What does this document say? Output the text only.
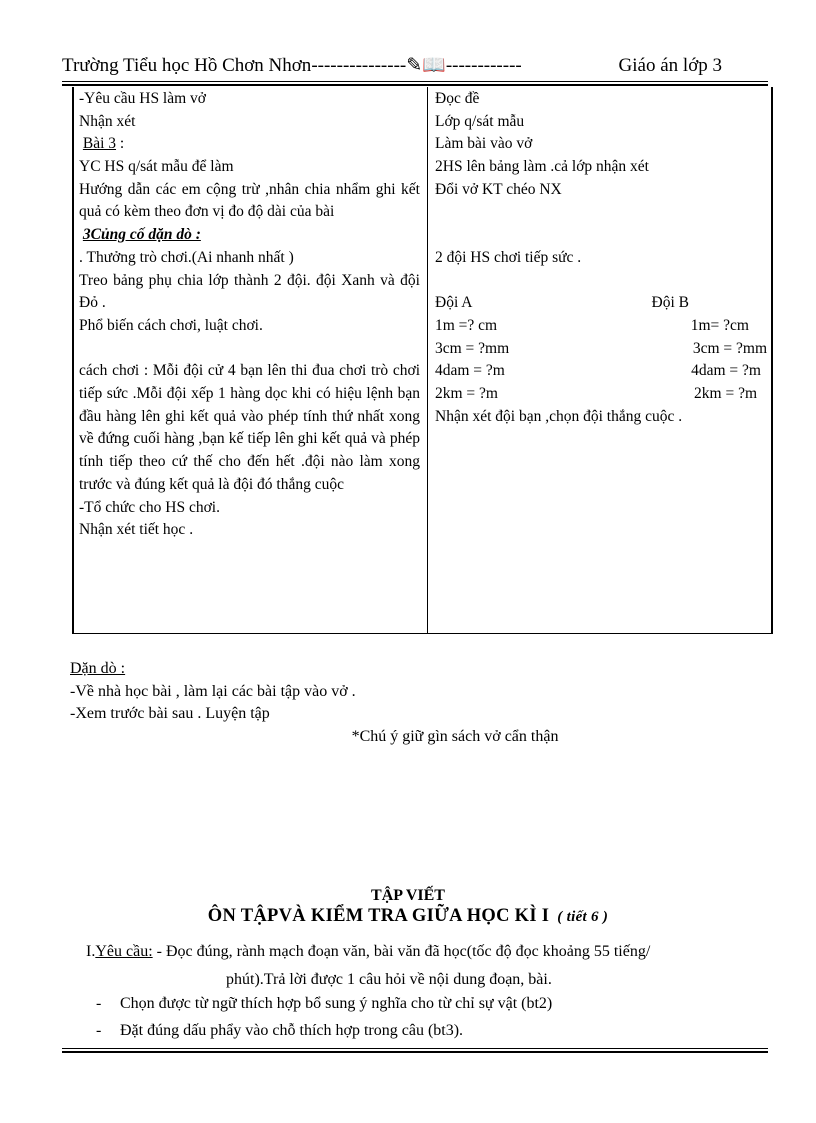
Trường Tiểu học Hồ Chơn Nhơn---------------✎📖------------	Giáo án lớp 3
-Yêu cầu HS làm vở
Nhận xét
Bài 3 :
YC HS q/sát mẫu để làm
Hướng dẫn các em cộng trừ ,nhân chia nhẩm ghi kết quả có kèm theo đơn vị đo độ dài của bài
3Củng cố dặn dò :
. Thưởng trò chơi.(Ai nhanh nhất )
Treo bảng phụ chia lớp thành 2 đội. đội Xanh và đội Đỏ .
Phổ biến cách chơi, luật chơi.
cách chơi : Mỗi đội cử 4 bạn lên thi đua chơi trò chơi tiếp sức .Mỗi đội xếp 1 hàng dọc khi có hiệu lệnh bạn đầu hàng lên ghi kết quả vào phép tính thứ nhất xong về đứng cuối hàng ,bạn kế tiếp lên ghi kết quả và phép tính tiếp theo cứ thế cho đến hết .đội nào làm xong trước và đúng kết quả là đội đó thắng cuộc
-Tổ chức cho HS chơi.
Nhận xét tiết học .
Đọc đề
Lớp q/sát mẫu
Làm bài vào vở
2HS lên bảng làm .cả lớp nhận xét
Đổi vở KT chéo NX
2 đội HS chơi tiếp sức .
Đội A	Đội B
1m =? cm	1m= ?cm
3cm = ?mm	3cm = ?mm
4dam = ?m	4dam = ?m
2km = ?m	2km = ?m
Nhận xét đội bạn ,chọn đội thắng cuộc .
Dặn dò :
-Về nhà học bài , làm lại các bài tập vào vở .
-Xem trước bài sau . Luyện tập
*Chú ý giữ gìn sách vở cẩn thận
TẬP VIẾT
ÔN TẬPVÀ KIỂM TRA GIỮA HỌC KÌ I ( tiết 6 )
I.Yêu cầu: - Đọc đúng, rành mạch đoạn văn, bài văn đã học(tốc độ đọc khoảng 55 tiếng/
phút).Trả lời được 1 câu hỏi về nội dung đoạn, bài.
- Chọn được từ ngữ thích hợp bổ sung ý nghĩa cho từ chỉ sự vật (bt2)
- Đặt đúng dấu phẩy vào chỗ thích hợp trong câu (bt3).
